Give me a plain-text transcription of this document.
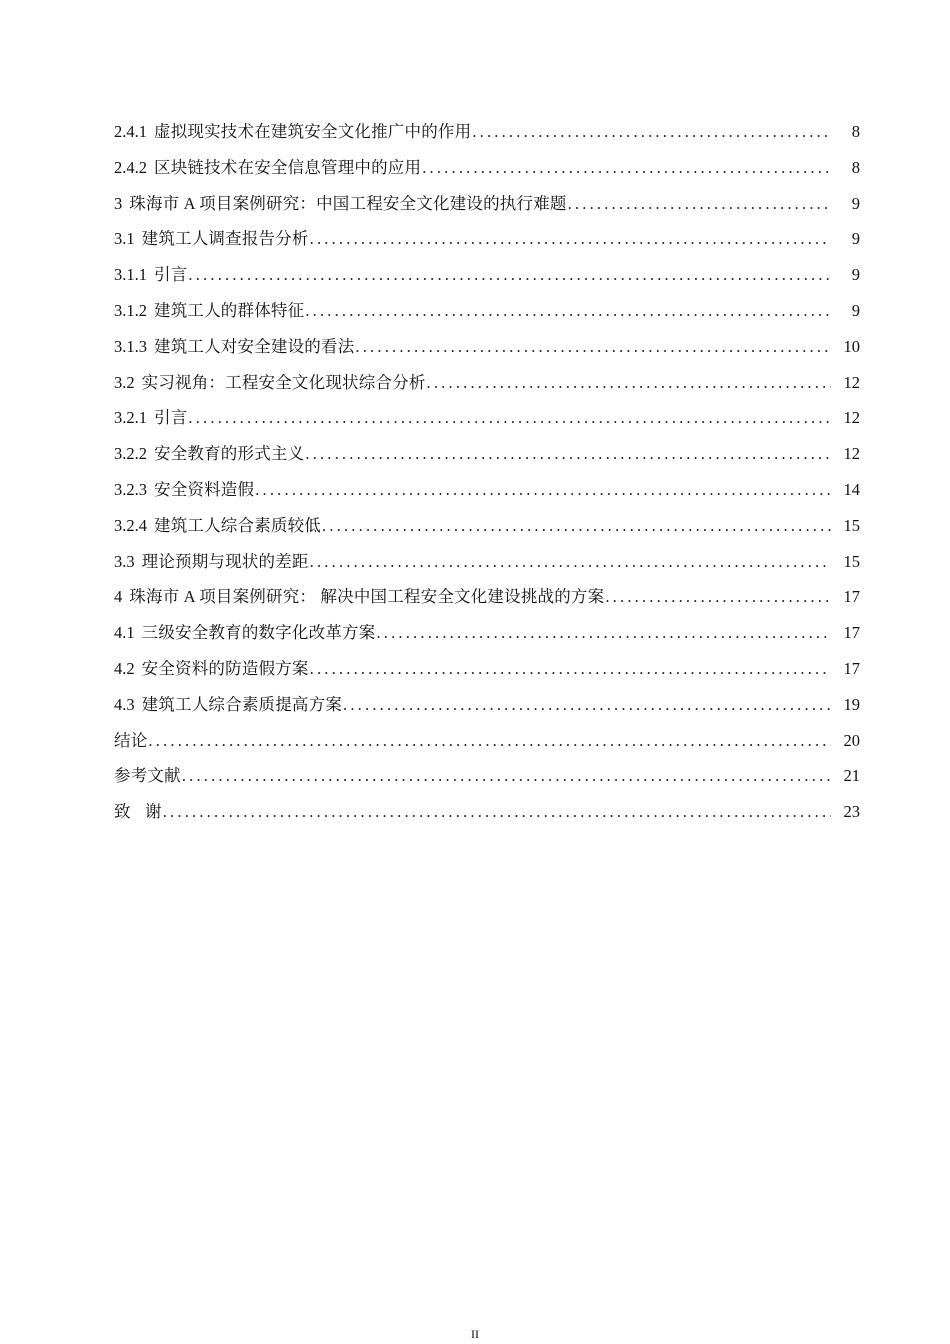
2.4.1 虚拟现实技术在建筑安全文化推广中的作用 .....	8
2.4.2 区块链技术在安全信息管理中的应用 .....	8
3 珠海市 A 项目案例研究：中国工程安全文化建设的执行难题 .....	9
3.1 建筑工人调查报告分析 .....	9
3.1.1 引言 .....	9
3.1.2 建筑工人的群体特征 .....	9
3.1.3 建筑工人对安全建设的看法 .....	10
3.2 实习视角：工程安全文化现状综合分析 .....	12
3.2.1 引言 .....	12
3.2.2 安全教育的形式主义 .....	12
3.2.3 安全资料造假 .....	14
3.2.4 建筑工人综合素质较低 .....	15
3.3 理论预期与现状的差距 .....	15
4 珠海市 A 项目案例研究： 解决中国工程安全文化建设挑战的方案 .....	17
4.1 三级安全教育的数字化改革方案 .....	17
4.2 安全资料的防造假方案 .....	17
4.3 建筑工人综合素质提高方案 .....	19
结论 .....	20
参考文献 .....	21
致 谢 .....	23
II
